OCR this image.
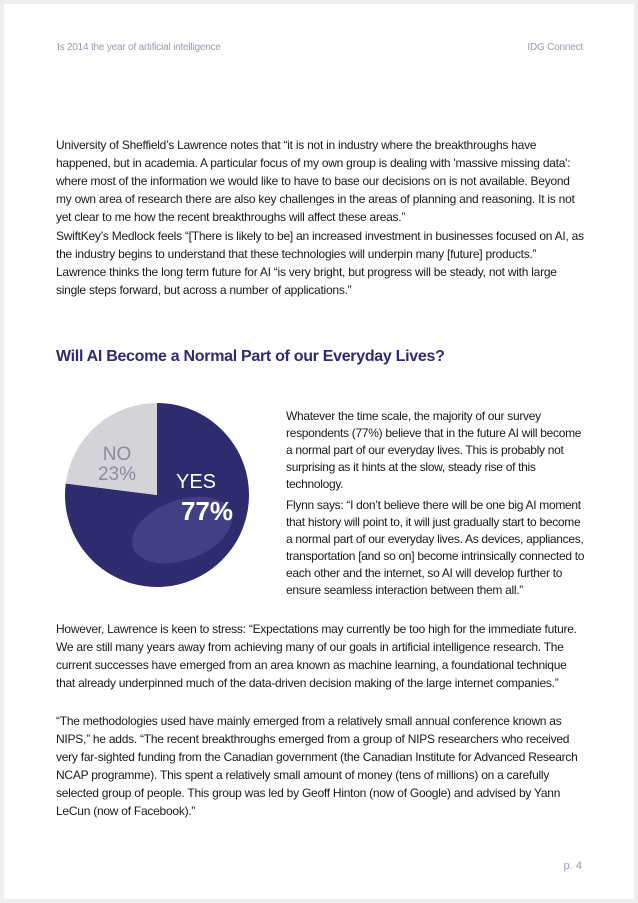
Is 2014 the year of artificial intelligence	IDG Connect

University of Sheffield’s Lawrence notes that “it is not in industry where the breakthroughs have happened, but in academia. A particular focus of my own group is dealing with 'massive missing data': where most of the information we would like to have to base our decisions on is not available. Beyond my own area of research there are also key challenges in the areas of planning and reasoning. It is not yet clear to me how the recent breakthroughs will affect these areas.”

SwiftKey’s Medlock feels “[There is likely to be] an increased investment in businesses focused on AI, as the industry begins to understand that these technologies will underpin many [future] products.” Lawrence thinks the long term future for AI “is very bright, but progress will be steady, not with large single steps forward, but across a number of applications.”

Will AI Become a Normal Part of our Everyday Lives?
NO
23% YES
77%

Whatever the time scale, the majority of our survey respondents (77%) believe that in the future AI will become a normal part of our everyday lives. This is probably not surprising as it hints at the slow, steady rise of this technology.

Flynn says: “I don’t believe there will be one big AI moment that history will point to, it will just gradually start to become a normal part of our everyday lives. As devices, appliances, transportation [and so on] become intrinsically connected to each other and the internet, so AI will develop further to ensure seamless interaction between them all.”

However, Lawrence is keen to stress: “Expectations may currently be too high for the immediate future. We are still many years away from achieving many of our goals in artificial intelligence research. The current successes have emerged from an area known as machine learning, a foundational technique that already underpinned much of the data-driven decision making of the large internet companies.”

“The methodologies used have mainly emerged from a relatively small annual conference known as NIPS,” he adds. “The recent breakthroughs emerged from a group of NIPS researchers who received very far-sighted funding from the Canadian government (the Canadian Institute for Advanced Research NCAP programme). This spent a relatively small amount of money (tens of millions) on a carefully selected group of people. This group was led by Geoff Hinton (now of Google) and advised by Yann LeCun (now of Facebook).”

p. 4
